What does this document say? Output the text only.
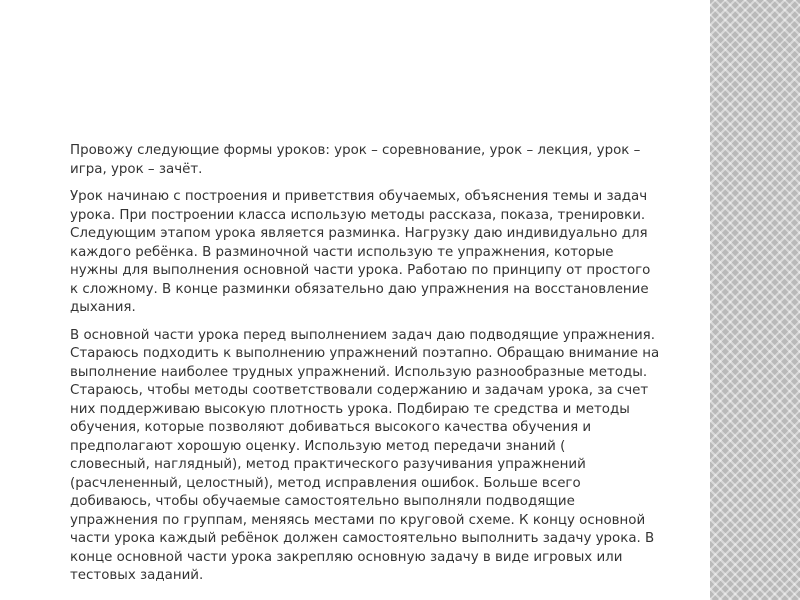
Провожу следующие формы уроков: урок – соревнование, урок – лекция, урок –
игра, урок – зачёт.

Урок начинаю с построения и приветствия обучаемых, объяснения темы и задач
урока. При построении класса использую методы рассказа, показа, тренировки.
Следующим этапом урока является разминка. Нагрузку даю индивидуально для
каждого ребёнка. В разминочной части использую те упражнения, которые
нужны для выполнения основной части урока. Работаю по принципу от простого
к сложному. В конце разминки обязательно даю упражнения на восстановление
дыхания.

В основной части урока перед выполнением задач даю подводящие упражнения.
Стараюсь подходить к выполнению упражнений поэтапно. Обращаю внимание на
выполнение наиболее трудных упражнений. Использую разнообразные методы.
Стараюсь, чтобы методы соответствовали содержанию и задачам урока, за счет
них поддерживаю высокую плотность урока. Подбираю те средства и методы
обучения, которые позволяют добиваться высокого качества обучения и
предполагают хорошую оценку. Использую метод передачи знаний (
словесный, наглядный), метод практического разучивания упражнений
(расчлененный, целостный), метод исправления ошибок. Больше всего
добиваюсь, чтобы обучаемые самостоятельно выполняли подводящие
упражнения по группам, меняясь местами по круговой схеме. К концу основной
части урока каждый ребёнок должен самостоятельно выполнить задачу урока. В
конце основной части урока закрепляю основную задачу в виде игровых или
тестовых заданий.
